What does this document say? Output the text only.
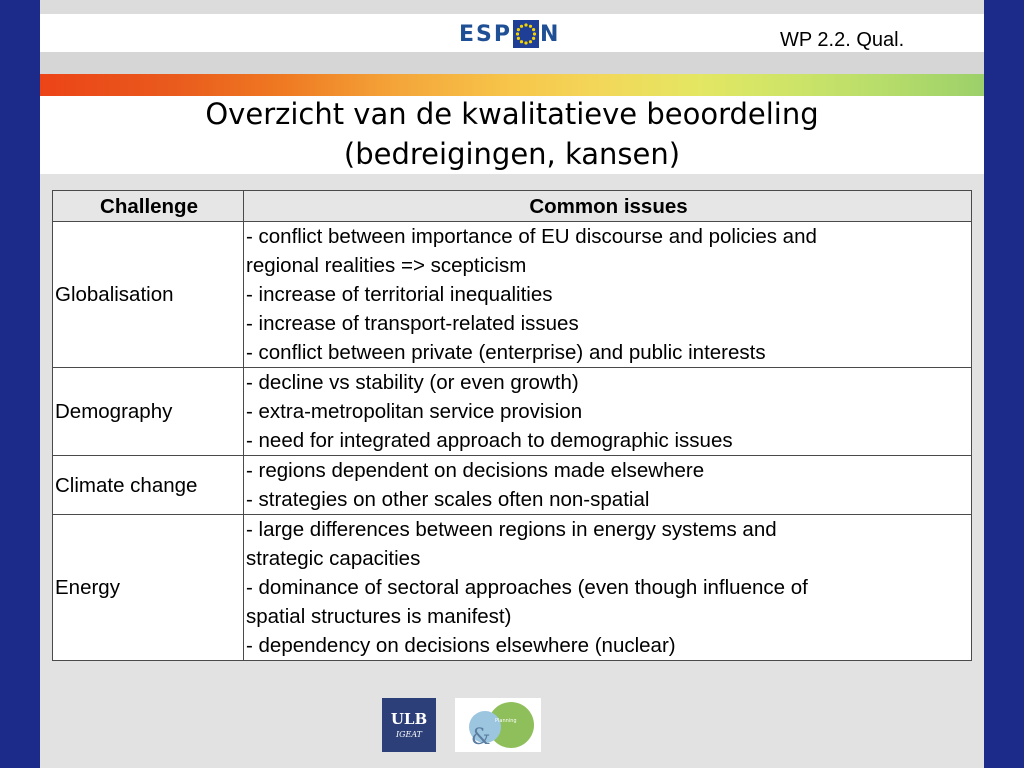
ESP N	WP 2.2. Qual.
Overzicht van de kwalitatieve beoordeling
(bedreigingen, kansen)
Challenge	Common issues
Globalisation	- conflict between importance of EU discourse and policies and
regional realities => scepticism
- increase of territorial inequalities
- increase of transport-related issues
- conflict between private (enterprise) and public interests

Demography	- decline vs stability (or even growth)
- extra-metropolitan service provision
- need for integrated approach to demographic issues

Climate change	- regions dependent on decisions made elsewhere
- strategies on other scales often non-spatial

Energy	- large differences between regions in energy systems and
strategic capacities
- dominance of sectoral approaches (even though influence of
spatial structures is manifest)
- dependency on decisions elsewhere (nuclear)
ULB
IGEAT	&
Planning
